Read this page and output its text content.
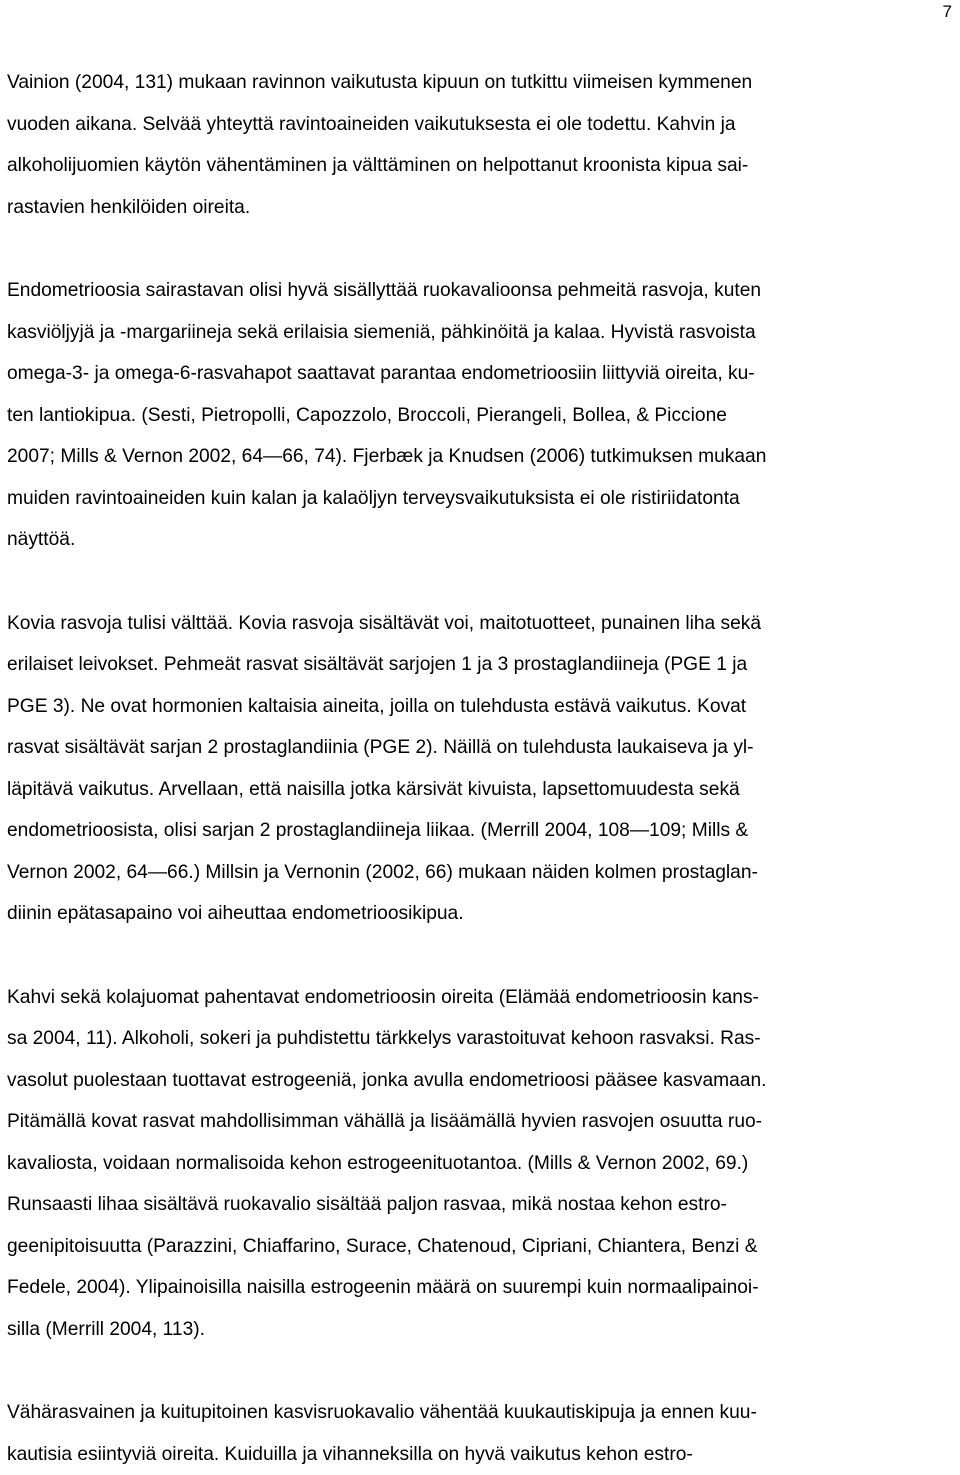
7

Vainion (2004, 131) mukaan ravinnon vaikutusta kipuun on tutkittu viimeisen kymmenen
vuoden aikana. Selvää yhteyttä ravintoaineiden vaikutuksesta ei ole todettu. Kahvin ja
alkoholijuomien käytön vähentäminen ja välttäminen on helpottanut kroonista kipua sai-
rastavien henkilöiden oireita.

Endometrioosia sairastavan olisi hyvä sisällyttää ruokavalioonsa pehmeitä rasvoja, kuten
kasviöljyjä ja -margariineja sekä erilaisia siemeniä, pähkinöitä ja kalaa. Hyvistä rasvoista
omega-3- ja omega-6-rasvahapot saattavat parantaa endometrioosiin liittyviä oireita, ku-
ten lantiokipua. (Sesti, Pietropolli, Capozzolo, Broccoli, Pierangeli, Bollea, & Piccione
2007; Mills & Vernon 2002, 64—66, 74). Fjerbæk ja Knudsen (2006) tutkimuksen mukaan
muiden ravintoaineiden kuin kalan ja kalaöljyn terveysvaikutuksista ei ole ristiriidatonta
näyttöä.

Kovia rasvoja tulisi välttää. Kovia rasvoja sisältävät voi, maitotuotteet, punainen liha sekä
erilaiset leivokset. Pehmeät rasvat sisältävät sarjojen 1 ja 3 prostaglandiineja (PGE 1 ja
PGE 3). Ne ovat hormonien kaltaisia aineita, joilla on tulehdusta estävä vaikutus. Kovat
rasvat sisältävät sarjan 2 prostaglandiinia (PGE 2). Näillä on tulehdusta laukaiseva ja yl-
läpitävä vaikutus. Arvellaan, että naisilla jotka kärsivät kivuista, lapsettomuudesta sekä
endometrioosista, olisi sarjan 2 prostaglandiineja liikaa. (Merrill 2004, 108—109; Mills &
Vernon 2002, 64—66.) Millsin ja Vernonin (2002, 66) mukaan näiden kolmen prostaglan-
diinin epätasapaino voi aiheuttaa endometrioosikipua.

Kahvi sekä kolajuomat pahentavat endometrioosin oireita (Elämää endometrioosin kans-
sa 2004, 11). Alkoholi, sokeri ja puhdistettu tärkkelys varastoituvat kehoon rasvaksi. Ras-
vasolut puolestaan tuottavat estrogeeniä, jonka avulla endometrioosi pääsee kasvamaan.
Pitämällä kovat rasvat mahdollisimman vähällä ja lisäämällä hyvien rasvojen osuutta ruo-
kavaliosta, voidaan normalisoida kehon estrogeenituotantoa. (Mills & Vernon 2002, 69.)
Runsaasti lihaa sisältävä ruokavalio sisältää paljon rasvaa, mikä nostaa kehon estro-
geenipitoisuutta (Parazzini, Chiaffarino, Surace, Chatenoud, Cipriani, Chiantera, Benzi &
Fedele, 2004). Ylipainoisilla naisilla estrogeenin määrä on suurempi kuin normaalipainoi-
silla (Merrill 2004, 113).

Vähärasvainen ja kuitupitoinen kasvisruokavalio vähentää kuukautiskipuja ja ennen kuu-
kautisia esiintyviä oireita. Kuiduilla ja vihanneksilla on hyvä vaikutus kehon estro-
